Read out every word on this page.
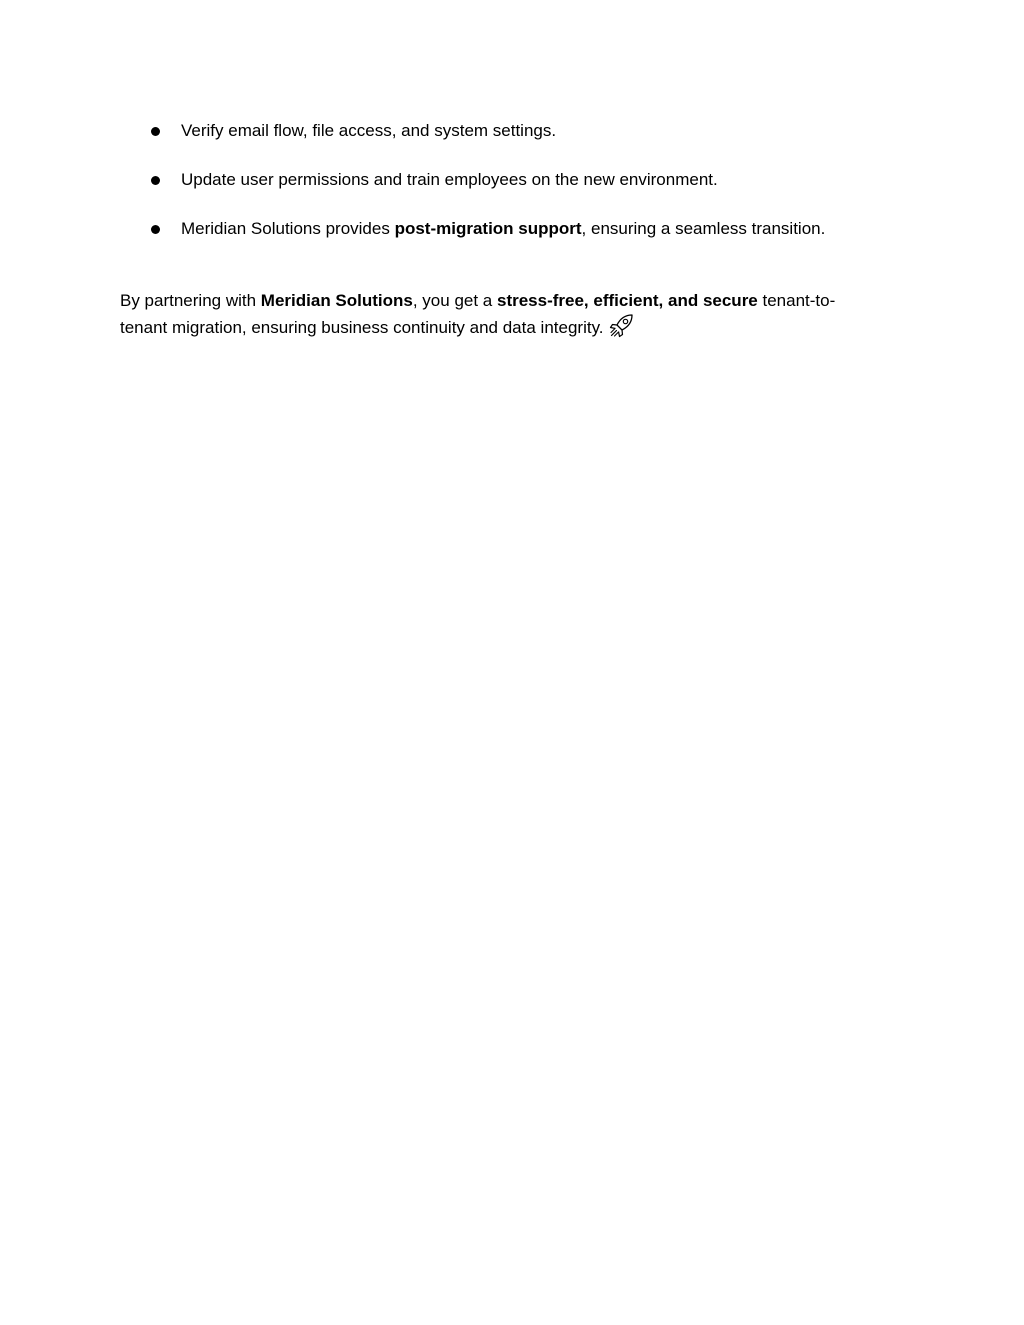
Verify email flow, file access, and system settings.
Update user permissions and train employees on the new environment.
Meridian Solutions provides post-migration support, ensuring a seamless transition.

By partnering with Meridian Solutions, you get a stress-free, efficient, and secure tenant-to-tenant migration, ensuring business continuity and data integrity.
